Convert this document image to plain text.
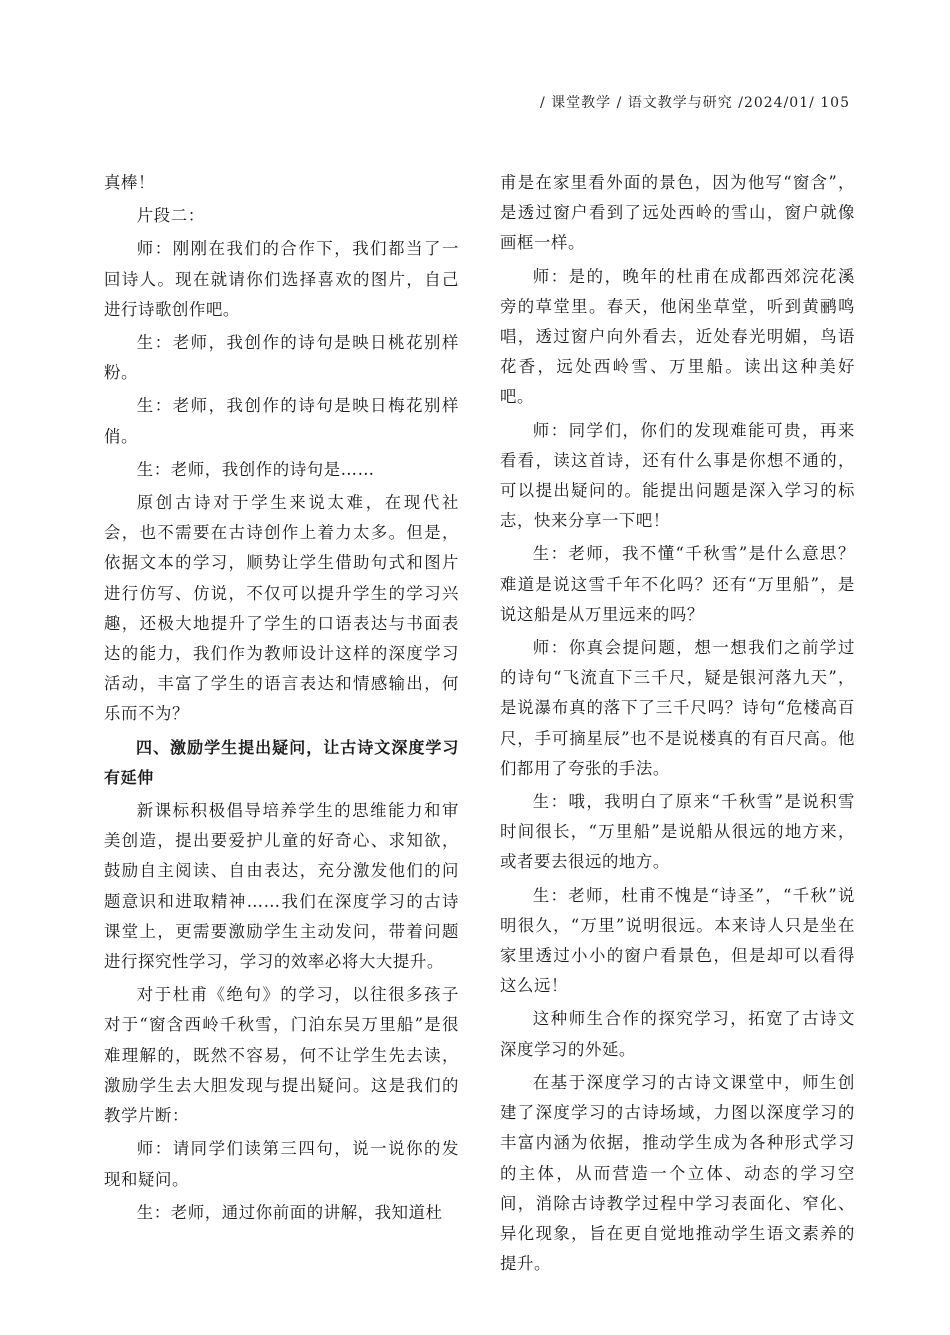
/ 课堂教学 / 语文教学与研究 /2024/01/ 105

真棒！

片段二：

师：刚刚在我们的合作下，我们都当了一回诗人。现在就请你们选择喜欢的图片，自己进行诗歌创作吧。

生：老师，我创作的诗句是映日桃花别样粉。

生：老师，我创作的诗句是映日梅花别样俏。

生：老师，我创作的诗句是……

原创古诗对于学生来说太难，在现代社会，也不需要在古诗创作上着力太多。但是，依据文本的学习，顺势让学生借助句式和图片进行仿写、仿说，不仅可以提升学生的学习兴趣，还极大地提升了学生的口语表达与书面表达的能力，我们作为教师设计这样的深度学习活动，丰富了学生的语言表达和情感输出，何乐而不为？

四、激励学生提出疑问，让古诗文深度学习有延伸

新课标积极倡导培养学生的思维能力和审美创造，提出要爱护儿童的好奇心、求知欲，鼓励自主阅读、自由表达，充分激发他们的问题意识和进取精神……我们在深度学习的古诗课堂上，更需要激励学生主动发问，带着问题进行探究性学习，学习的效率必将大大提升。

对于杜甫《绝句》的学习，以往很多孩子对于“窗含西岭千秋雪，门泊东吴万里船”是很难理解的，既然不容易，何不让学生先去读，激励学生去大胆发现与提出疑问。这是我们的教学片断：

师：请同学们读第三四句，说一说你的发现和疑问。

生：老师，通过你前面的讲解，我知道杜

甫是在家里看外面的景色，因为他写“窗含”，是透过窗户看到了远处西岭的雪山，窗户就像画框一样。

师：是的，晚年的杜甫在成都西郊浣花溪旁的草堂里。春天，他闲坐草堂，听到黄鹂鸣唱，透过窗户向外看去，近处春光明媚，鸟语花香，远处西岭雪、万里船。读出这种美好吧。

师：同学们，你们的发现难能可贵，再来看看，读这首诗，还有什么事是你想不通的，可以提出疑问的。能提出问题是深入学习的标志，快来分享一下吧！

生：老师，我不懂“千秋雪”是什么意思？难道是说这雪千年不化吗？还有“万里船”，是说这船是从万里远来的吗？

师：你真会提问题，想一想我们之前学过的诗句“飞流直下三千尺，疑是银河落九天”，是说瀑布真的落下了三千尺吗？诗句“危楼高百尺，手可摘星辰”也不是说楼真的有百尺高。他们都用了夸张的手法。

生：哦，我明白了原来“千秋雪”是说积雪时间很长，“万里船”是说船从很远的地方来，或者要去很远的地方。

生：老师，杜甫不愧是“诗圣”，“千秋”说明很久，“万里”说明很远。本来诗人只是坐在家里透过小小的窗户看景色，但是却可以看得这么远！

这种师生合作的探究学习，拓宽了古诗文深度学习的外延。

在基于深度学习的古诗文课堂中，师生创建了深度学习的古诗场域，力图以深度学习的丰富内涵为依据，推动学生成为各种形式学习的主体，从而营造一个立体、动态的学习空间，消除古诗教学过程中学习表面化、窄化、异化现象，旨在更自觉地推动学生语文素养的提升。
